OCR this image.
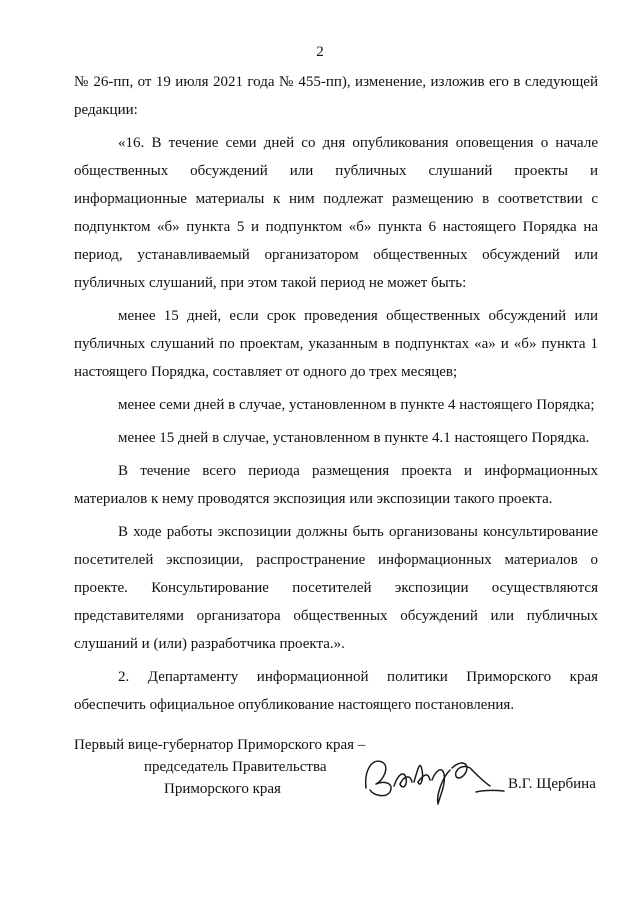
2

№ 26-пп, от 19 июля 2021 года № 455-пп), изменение, изложив его в следующей редакции:

«16. В течение семи дней со дня опубликования оповещения о начале общественных обсуждений или публичных слушаний проекты и информационные материалы к ним подлежат размещению в соответствии с подпунктом «б» пункта 5 и подпунктом «б» пункта 6 настоящего Порядка на период, устанавливаемый организатором общественных обсуждений или публичных слушаний, при этом такой период не может быть:

менее 15 дней, если срок проведения общественных обсуждений или публичных слушаний по проектам, указанным в подпунктах «а» и «б» пункта 1 настоящего Порядка, составляет от одного до трех месяцев;

менее семи дней в случае, установленном в пункте 4 настоящего Порядка;

менее 15 дней в случае, установленном в пункте 4.1 настоящего Порядка.

В течение всего периода размещения проекта и информационных материалов к нему проводятся экспозиция или экспозиции такого проекта.

В ходе работы экспозиции должны быть организованы консультирование посетителей экспозиции, распространение информационных материалов о проекте. Консультирование посетителей экспозиции осуществляются представителями организатора общественных обсуждений или публичных слушаний и (или) разработчика проекта.».

2. Департаменту информационной политики Приморского края обеспечить официальное опубликование настоящего постановления.

Первый вице-губернатор Приморского края –
председатель Правительства
Приморского края	В.Г. Щербина
